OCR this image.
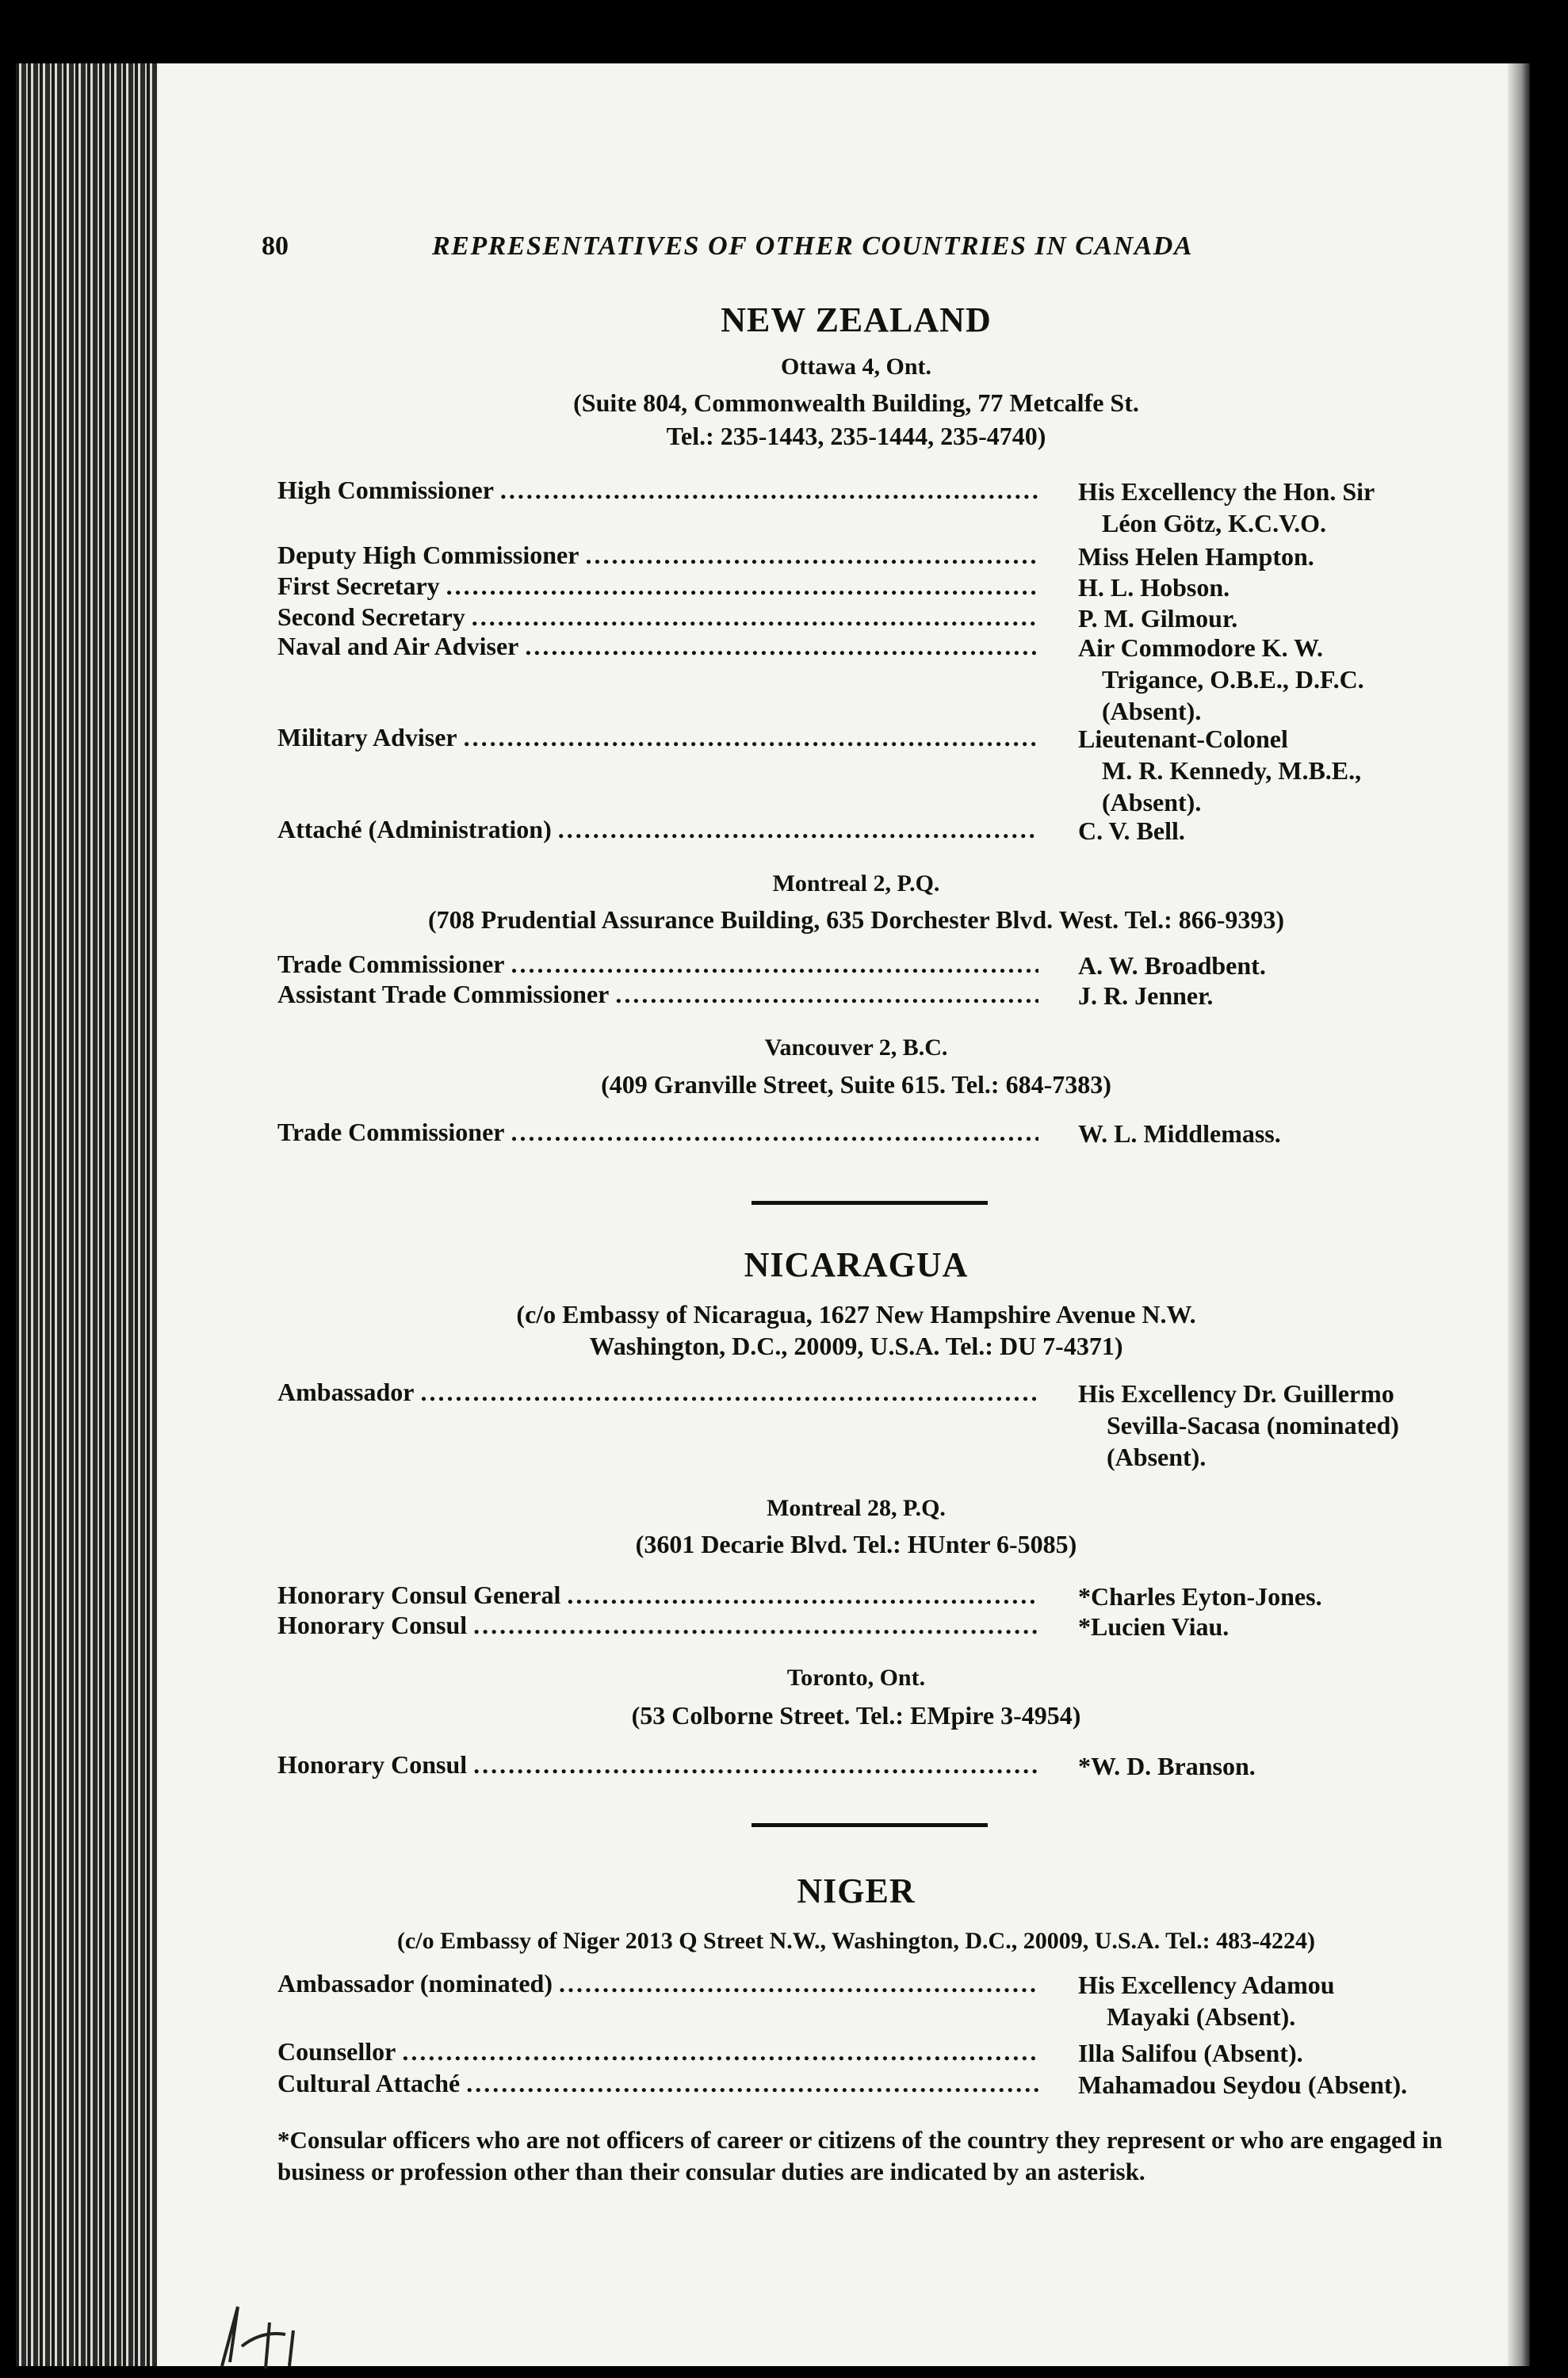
80	REPRESENTATIVES OF OTHER COUNTRIES IN CANADA
NEW ZEALAND
Ottawa 4, Ont.
(Suite 804, Commonwealth Building, 77 Metcalfe St.
Tel.: 235-1443, 235-1444, 235-4740)
High Commissioner .....	His Excellency the Hon. Sir
Léon Götz, K.C.V.O.
Deputy High Commissioner .....	Miss Helen Hampton.
First Secretary .....	H. L. Hobson.
Second Secretary .....	P. M. Gilmour.
Naval and Air Adviser .....	Air Commodore K. W.
Trigance, O.B.E., D.F.C.
(Absent).
Military Adviser .....	Lieutenant-Colonel
M. R. Kennedy, M.B.E.,
(Absent).
Attaché (Administration) .....	C. V. Bell.
Montreal 2, P.Q.
(708 Prudential Assurance Building, 635 Dorchester Blvd. West. Tel.: 866-9393)
Trade Commissioner .....	A. W. Broadbent.
Assistant Trade Commissioner .....	J. R. Jenner.
Vancouver 2, B.C.
(409 Granville Street, Suite 615. Tel.: 684-7383)
Trade Commissioner .....	W. L. Middlemass.
NICARAGUA
(c/o Embassy of Nicaragua, 1627 New Hampshire Avenue N.W.
Washington, D.C., 20009, U.S.A. Tel.: DU 7-4371)
Ambassador .....	His Excellency Dr. Guillermo
Sevilla-Sacasa (nominated)
(Absent).
Montreal 28, P.Q.
(3601 Decarie Blvd. Tel.: HUnter 6-5085)
Honorary Consul General .....	*Charles Eyton-Jones.
Honorary Consul .....	*Lucien Viau.
Toronto, Ont.
(53 Colborne Street. Tel.: EMpire 3-4954)
Honorary Consul .....	*W. D. Branson.
NIGER
(c/o Embassy of Niger 2013 Q Street N.W., Washington, D.C., 20009, U.S.A. Tel.: 483-4224)
Ambassador (nominated) .....	His Excellency Adamou
Mayaki (Absent).
Counsellor .....	Illa Salifou (Absent).
Cultural Attaché .....	Mahamadou Seydou (Absent).
*Consular officers who are not officers of career or citizens of the country they represent or who are engaged in business or profession other than their consular duties are indicated by an asterisk.
